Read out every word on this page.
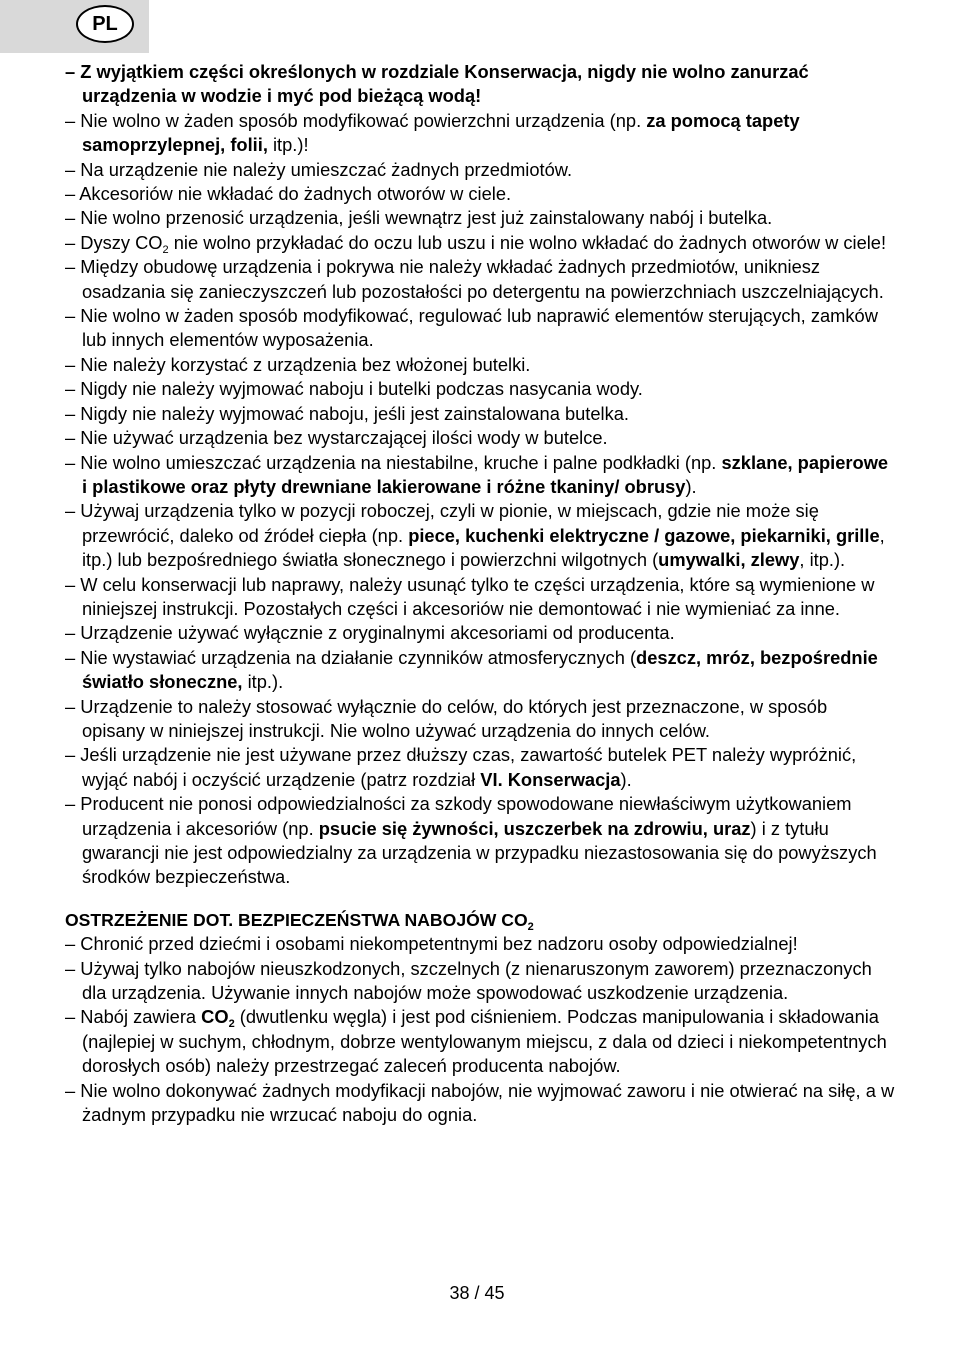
PL

– Z wyjątkiem części określonych w rozdziale Konserwacja, nigdy nie wolno zanurzać urządzenia w wodzie i myć pod bieżącą wodą!

– Nie wolno w żaden sposób modyfikować powierzchni urządzenia (np. za pomocą tapety samoprzylepnej, folii, itp.)!

– Na urządzenie nie należy umieszczać żadnych przedmiotów.

– Akcesoriów nie wkładać do żadnych otworów w ciele.

– Nie wolno przenosić urządzenia, jeśli wewnątrz jest już zainstalowany nabój i butelka.

– Dyszy $CO_2$ nie wolno przykładać do oczu lub uszu i nie wolno wkładać do żadnych otworów w ciele!

– Między obudowę urządzenia i pokrywa nie należy wkładać żadnych przedmiotów, unikniesz osadzania się zanieczyszczeń lub pozostałości po detergentu na powierzchniach uszczelniających.

– Nie wolno w żaden sposób modyfikować, regulować lub naprawić elementów sterujących, zamków lub innych elementów wyposażenia.

– Nie należy korzystać z urządzenia bez włożonej butelki.

– Nigdy nie należy wyjmować naboju i butelki podczas nasycania wody.

– Nigdy nie należy wyjmować naboju, jeśli jest zainstalowana butelka.

– Nie używać urządzenia bez wystarczającej ilości wody w butelce.

– Nie wolno umieszczać urządzenia na niestabilne, kruche i palne podkładki (np. szklane, papierowe i plastikowe oraz płyty drewniane lakierowane i różne tkaniny/ obrusy).

– Używaj urządzenia tylko w pozycji roboczej, czyli w pionie, w miejscach, gdzie nie może się przewrócić, daleko od źródeł ciepła (np. piece, kuchenki elektryczne / gazowe, piekarniki, grille, itp.) lub bezpośredniego światła słonecznego i powierzchni wilgotnych (umywalki, zlewy, itp.).

– W celu konserwacji lub naprawy, należy usunąć tylko te części urządzenia, które są wymienione w niniejszej instrukcji. Pozostałych części i akcesoriów nie demontować i nie wymieniać za inne.

– Urządzenie używać wyłącznie z oryginalnymi akcesoriami od producenta.

– Nie wystawiać urządzenia na działanie czynników atmosferycznych (deszcz, mróz, bezpośrednie światło słoneczne, itp.).

– Urządzenie to należy stosować wyłącznie do celów, do których jest przeznaczone, w sposób opisany w niniejszej instrukcji. Nie wolno używać urządzenia do innych celów.

– Jeśli urządzenie nie jest używane przez dłuższy czas, zawartość butelek PET należy wypróżnić, wyjąć nabój i oczyścić urządzenie (patrz rozdział VI. Konserwacja).

– Producent nie ponosi odpowiedzialności za szkody spowodowane niewłaściwym użytkowaniem urządzenia i akcesoriów (np. psucie się żywności, uszczerbek na zdrowiu, uraz) i z tytułu gwarancji nie jest odpowiedzialny za urządzenia w przypadku niezastosowania się do powyższych środków bezpieczeństwa.

OSTRZEŻENIE DOT. BEZPIECZEŃSTWA NABOJÓW $CO_2$

– Chronić przed dziećmi i osobami niekompetentnymi bez nadzoru osoby odpowiedzialnej!

– Używaj tylko nabojów nieuszkodzonych, szczelnych (z nienaruszonym zaworem) przeznaczonych dla urządzenia. Używanie innych nabojów może spowodować uszkodzenie urządzenia.

– Nabój zawiera $CO_2$ (dwutlenku węgla) i jest pod ciśnieniem. Podczas manipulowania i składowania (najlepiej w suchym, chłodnym, dobrze wentylowanym miejscu, z dala od dzieci i niekompetentnych dorosłych osób) należy przestrzegać zaleceń producenta nabojów.

– Nie wolno dokonywać żadnych modyfikacji nabojów, nie wyjmować zaworu i nie otwierać na siłę, a w żadnym przypadku nie wrzucać naboju do ognia.

38 / 45
